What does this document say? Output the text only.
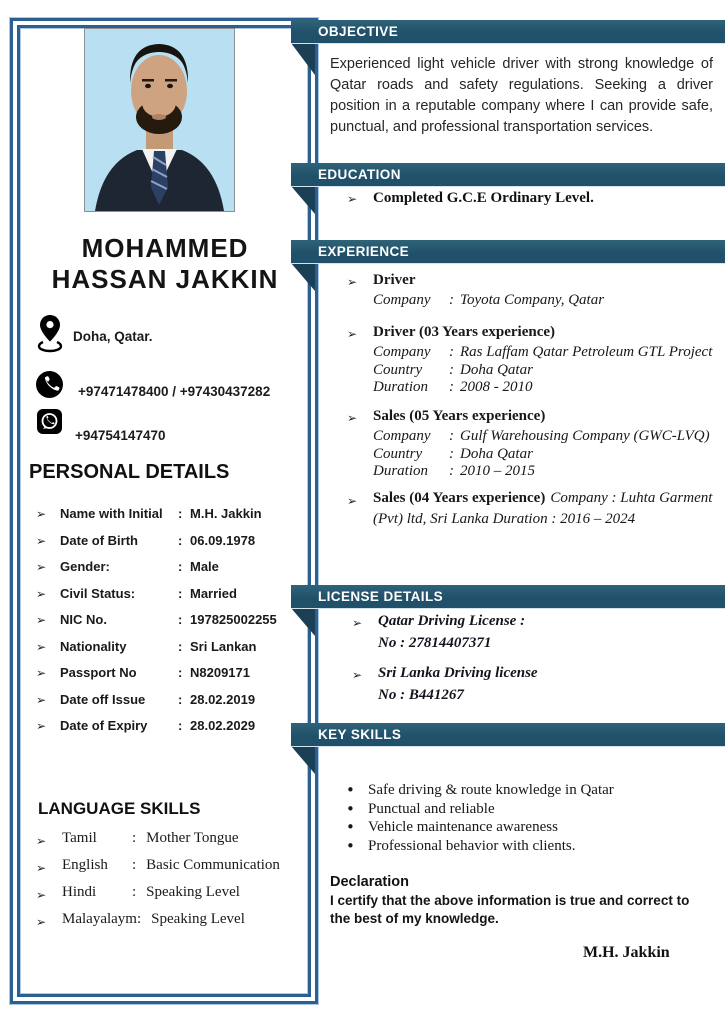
MOHAMMED
HASSAN JAKKIN
Doha, Qatar.
+97471478400 / +97430437282
+94754147470
PERSONAL DETAILS
➢	Name with Initial	: M.H. Jakkin
➢	Date of Birth	: 06.09.1978
➢	Gender:	: Male
➢	Civil Status:	: Married
➢	NIC No.	: 197825002255
➢	Nationality	: Sri Lankan
➢	Passport No	: N8209171
➢	Date off Issue	: 28.02.2019
➢	Date of Expiry	: 28.02.2029
LANGUAGE SKILLS
➢ Tamil : Mother Tongue
➢ English : Basic Communication
➢ Hindi : Speaking Level
➢ Malayalaym: Speaking Level
OBJECTIVE
Experienced light vehicle driver with strong knowledge of Qatar roads and safety regulations. Seeking a driver position in a reputable company where I can provide safe, punctual, and professional transportation services.
EDUCATION
➢	Completed G.C.E Ordinary Level.
EXPERIENCE
➢	Driver
Company : Toyota Company, Qatar
➢	Driver (03 Years experience)
Company : Ras Laffam Qatar Petroleum GTL Project
Country : Doha Qatar
Duration : 2008 - 2010
➢	Sales (05 Years experience)
Company : Gulf Warehousing Company (GWC-LVQ)
Country : Doha Qatar
Duration : 2010 – 2015
➢ Sales (04 Years experience) Company : Luhta Garment (Pvt) ltd, Sri Lanka Duration : 2016 – 2024
LICENSE DETAILS
➢	Qatar Driving License :
No : 27814407371
➢	Sri Lanka Driving license
No : B441267
KEY SKILLS
• Safe driving & route knowledge in Qatar
• Punctual and reliable
• Vehicle maintenance awareness
• Professional behavior with clients.
Declaration
I certify that the above information is true and correct to the best of my knowledge.
M.H. Jakkin
